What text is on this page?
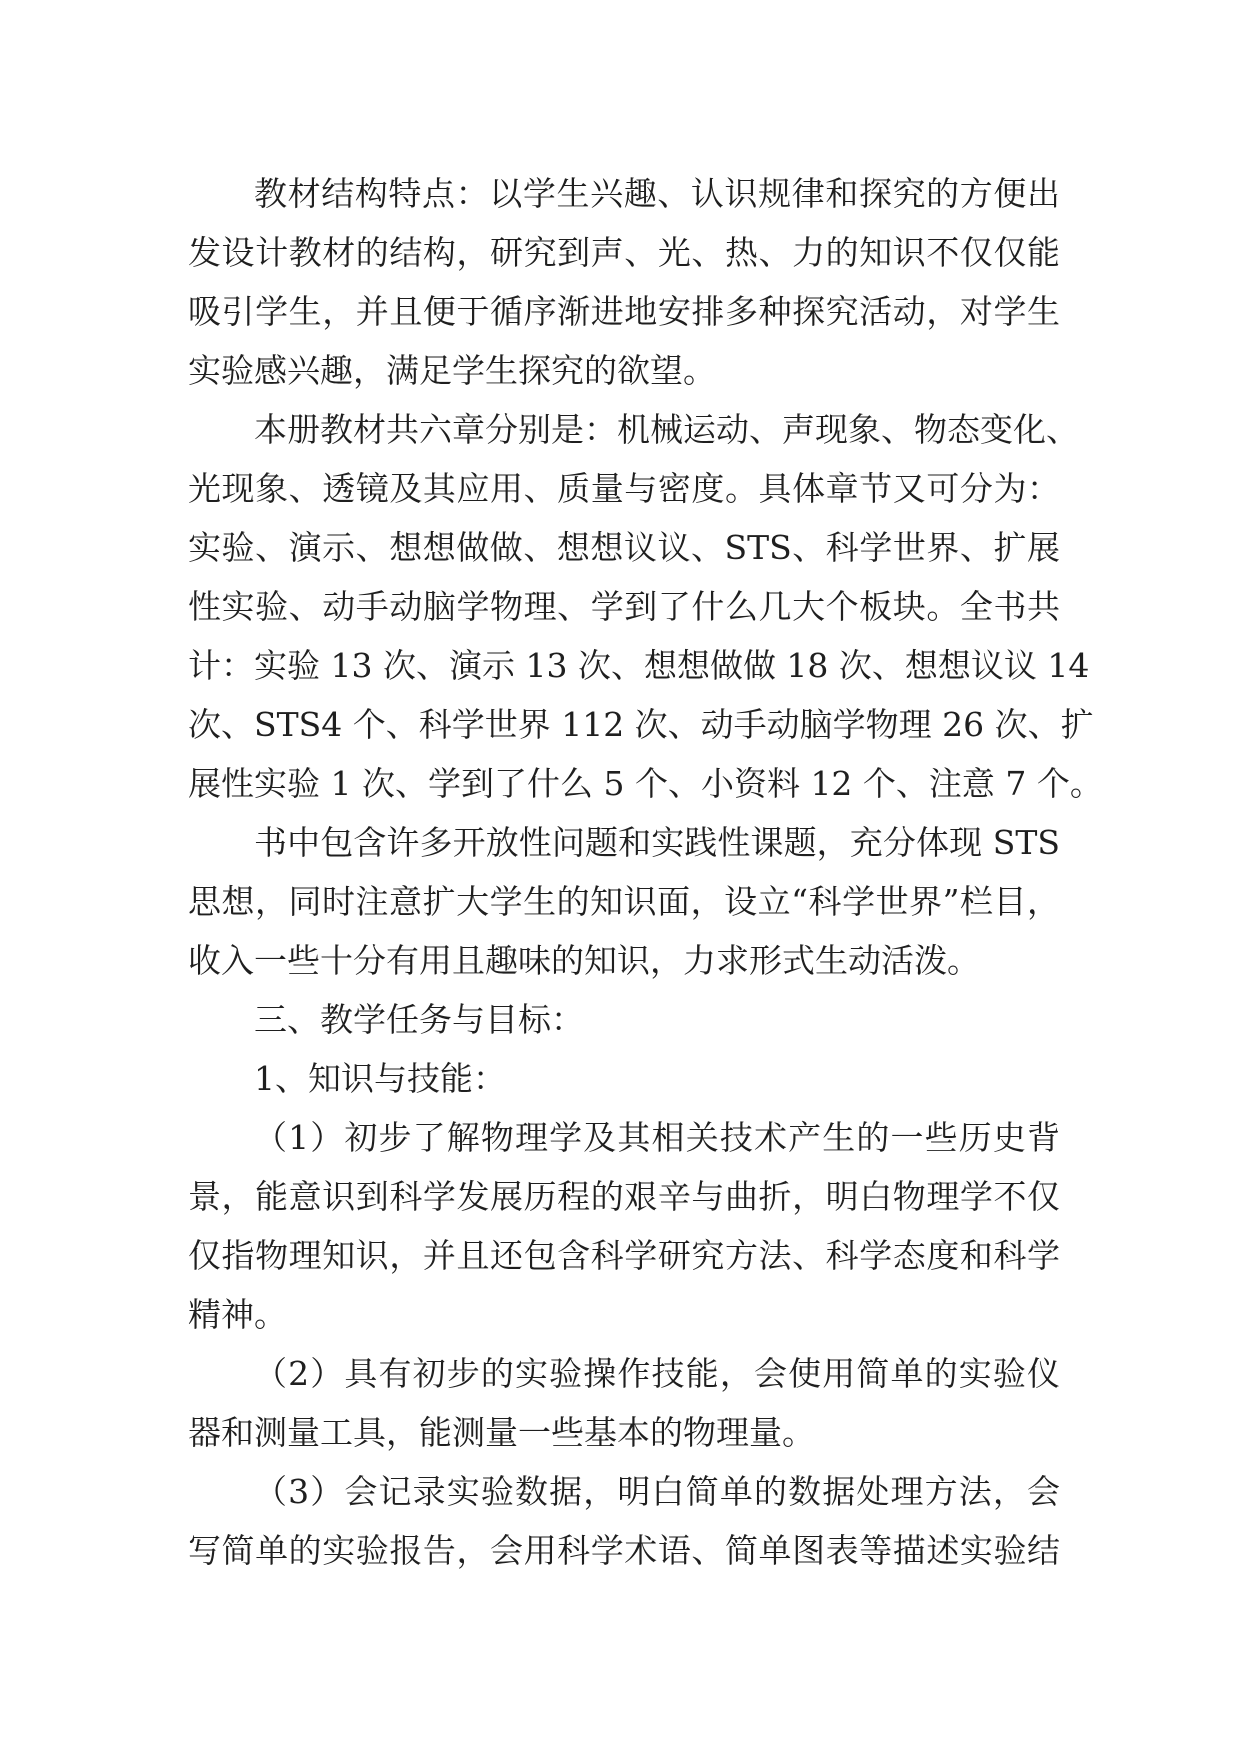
教材结构特点：以学生兴趣、认识规律和探究的方便出
发设计教材的结构，研究到声、光、热、力的知识不仅仅能
吸引学生，并且便于循序渐进地安排多种探究活动，对学生
实验感兴趣，满足学生探究的欲望。
本册教材共六章分别是：机械运动、声现象、物态变化、
光现象、透镜及其应用、质量与密度。具体章节又可分为：
实验、演示、想想做做、想想议议、STS、科学世界、扩展
性实验、动手动脑学物理、学到了什么几大个板块。全书共
计：实验 13 次、演示 13 次、想想做做 18 次、想想议议 14
次、STS4 个、科学世界 112 次、动手动脑学物理 26 次、扩
展性实验 1 次、学到了什么 5 个、小资料 12 个、注意 7 个。
书中包含许多开放性问题和实践性课题，充分体现 STS
思想，同时注意扩大学生的知识面，设立“科学世界”栏目，
收入一些十分有用且趣味的知识，力求形式生动活泼。
三、教学任务与目标：
1、知识与技能：
（1）初步了解物理学及其相关技术产生的一些历史背
景，能意识到科学发展历程的艰辛与曲折，明白物理学不仅
仅指物理知识，并且还包含科学研究方法、科学态度和科学
精神。
（2）具有初步的实验操作技能，会使用简单的实验仪
器和测量工具，能测量一些基本的物理量。
（3）会记录实验数据，明白简单的数据处理方法，会
写简单的实验报告，会用科学术语、简单图表等描述实验结
